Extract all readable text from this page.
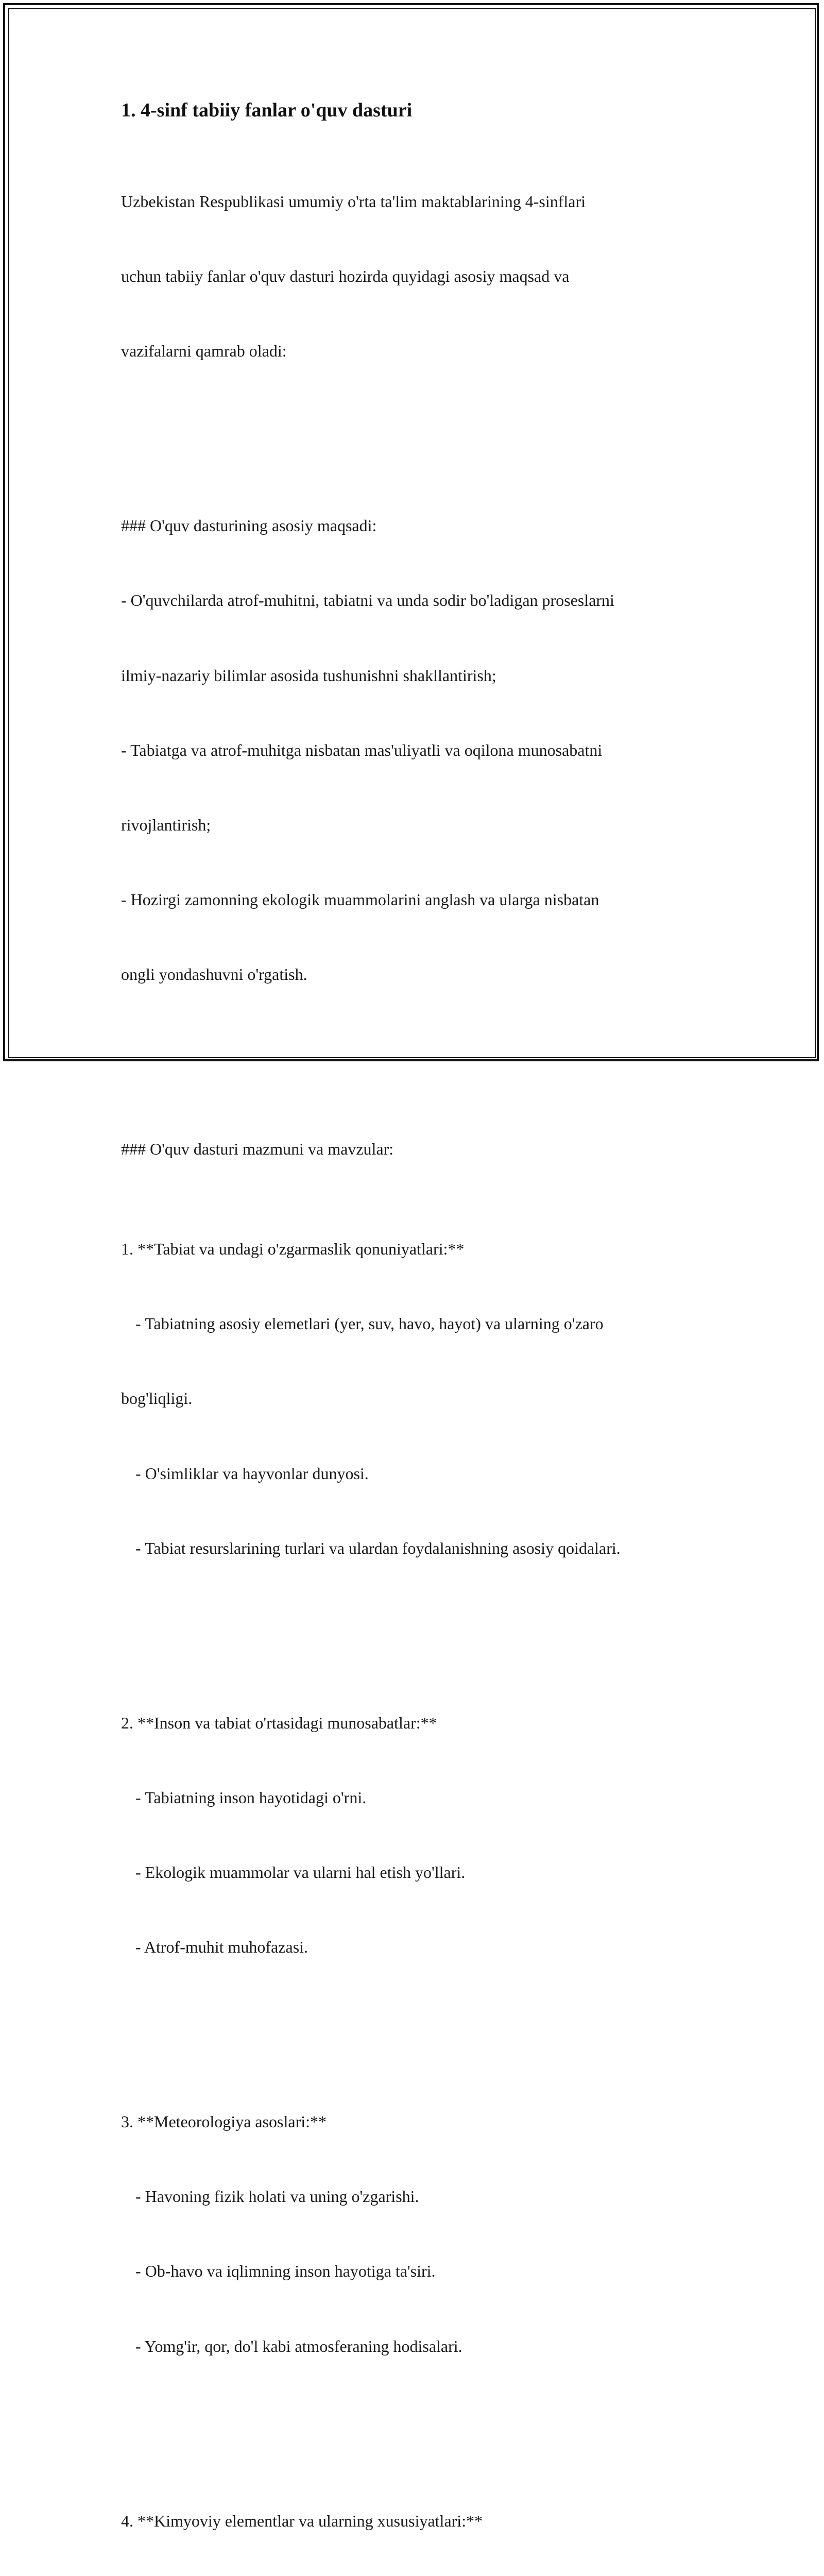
1. 4-sinf tabiiy fanlar o'quv dasturi

Uzbekistan Respublikasi umumiy o'rta ta'lim maktablarining 4-sinflari

uchun tabiiy fanlar o'quv dasturi hozirda quyidagi asosiy maqsad va

vazifalarni qamrab oladi:

### O'quv dasturining asosiy maqsadi:

- O'quvchilarda atrof-muhitni, tabiatni va unda sodir bo'ladigan proseslarni

ilmiy-nazariy bilimlar asosida tushunishni shakllantirish;

- Tabiatga va atrof-muhitga nisbatan mas'uliyatli va oqilona munosabatni

rivojlantirish;

- Hozirgi zamonning ekologik muammolarini anglash va ularga nisbatan

ongli yondashuvni o'rgatish.

### O'quv dasturi mazmuni va mavzular:

1. **Tabiat va undagi o'zgarmaslik qonuniyatlari:**

- Tabiatning asosiy elemetlari (yer, suv, havo, hayot) va ularning o'zaro

bog'liqligi.

- O'simliklar va hayvonlar dunyosi.

- Tabiat resurslarining turlari va ulardan foydalanishning asosiy qoidalari.

2. **Inson va tabiat o'rtasidagi munosabatlar:**

- Tabiatning inson hayotidagi o'rni.

- Ekologik muammolar va ularni hal etish yo'llari.

- Atrof-muhit muhofazasi.

3. **Meteorologiya asoslari:**

- Havoning fizik holati va uning o'zgarishi.

- Ob-havo va iqlimning inson hayotiga ta'siri.

- Yomg'ir, qor, do'l kabi atmosferaning hodisalari.

4. **Kimyoviy elementlar va ularning xususiyatlari:**
